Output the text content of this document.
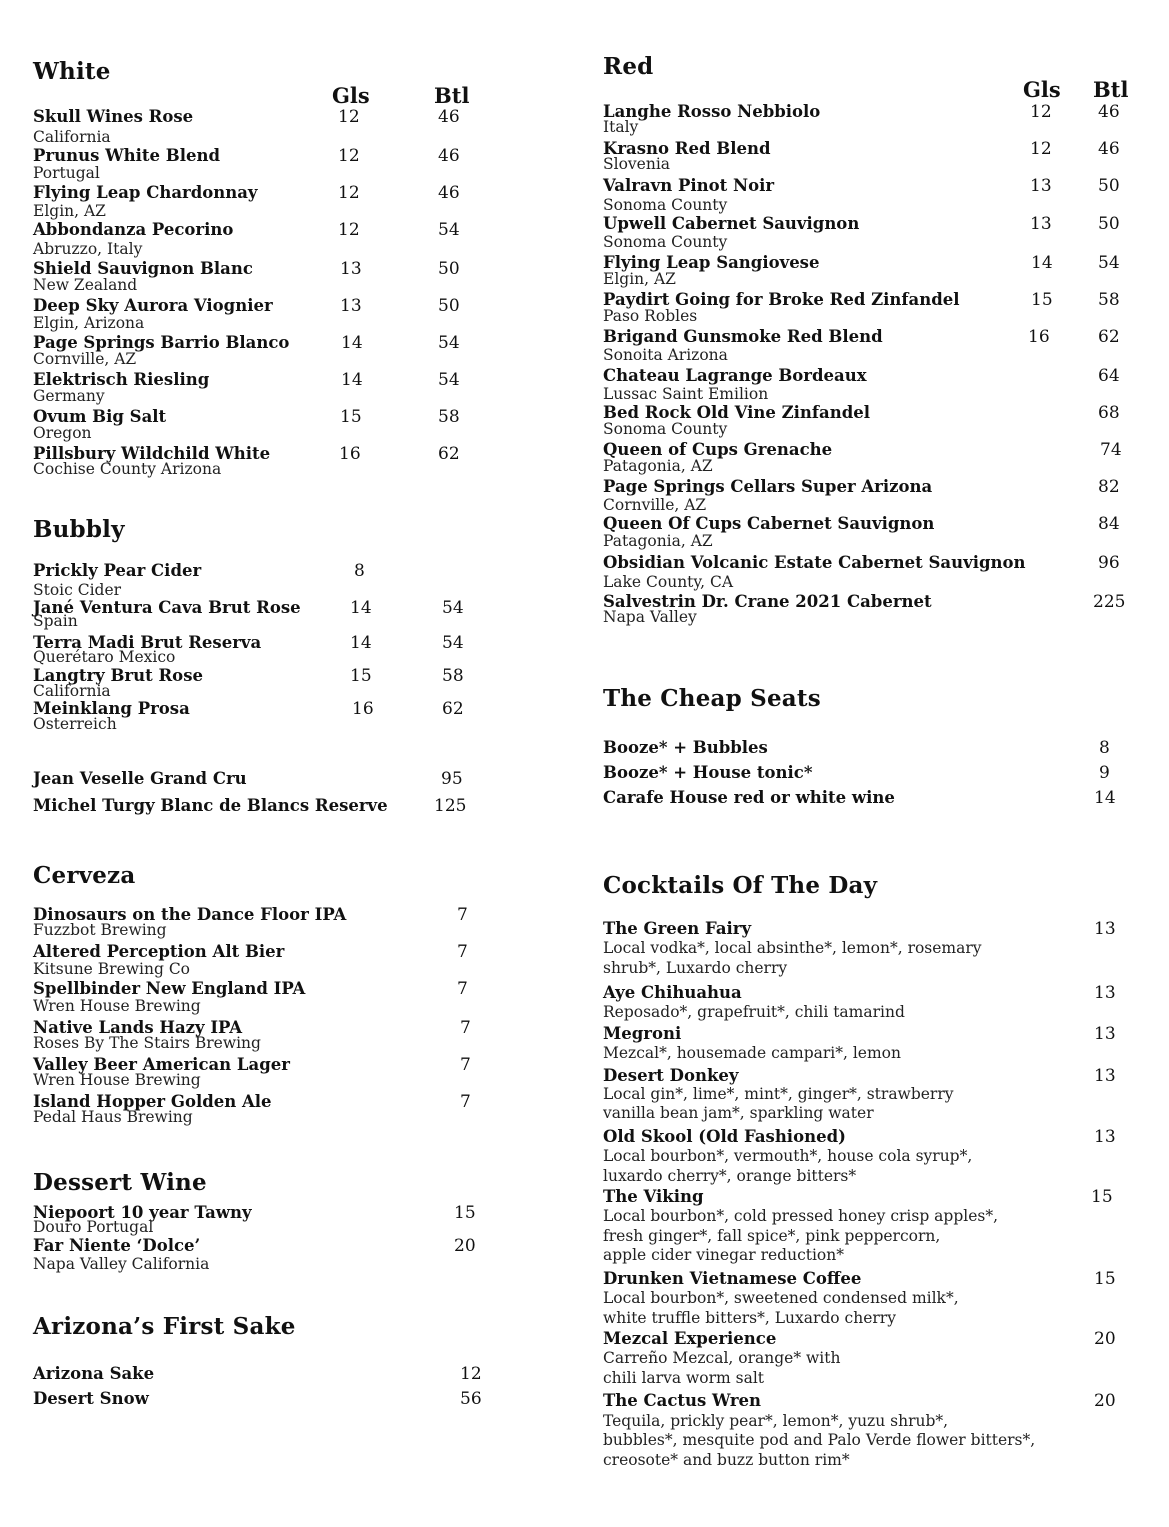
White
Gls	Btl
Skull Wines Rose
California
12	46
Prunus White Blend
Portugal
12	46
Flying Leap Chardonnay
Elgin, AZ
12	46
Abbondanza Pecorino
Abruzzo, Italy
12	54
Shield Sauvignon Blanc
New Zealand
13	50
Deep Sky Aurora Viognier
Elgin, Arizona
13	50
Page Springs Barrio Blanco
Cornville, AZ
14	54
Elektrisch Riesling
Germany
14	54
Ovum Big Salt
Oregon
15	58
Pillsbury Wildchild White
Cochise County Arizona
16	62
Bubbly
Prickly Pear Cider
Stoic Cider
8
Jané Ventura Cava Brut Rose
Spain
14	54
Terra Madi Brut Reserva
Querétaro Mexico
14	54
Langtry Brut Rose
California
15	58
Meinklang Prosa
Osterreich
16	62
Jean Veselle Grand Cru	95
Michel Turgy Blanc de Blancs Reserve	125
Cerveza
Dinosaurs on the Dance Floor IPA
Fuzzbot Brewing
7
Altered Perception Alt Bier
Kitsune Brewing Co
7
Spellbinder New England IPA
Wren House Brewing
7
Native Lands Hazy IPA
Roses By The Stairs Brewing
7
Valley Beer American Lager
Wren House Brewing
7
Island Hopper Golden Ale
Pedal Haus Brewing
7
Dessert Wine
Niepoort 10 year Tawny
Douro Portugal
15
Far Niente ‘Dolce’
Napa Valley California
20
Arizona’s First Sake
Arizona Sake	12
Desert Snow	56
Red
Gls Btl
Langhe Rosso Nebbiolo
Italy
12	46
Krasno Red Blend
Slovenia
12	46
Valravn Pinot Noir
Sonoma County
13	50
Upwell Cabernet Sauvignon
Sonoma County
13	50
Flying Leap Sangiovese
Elgin, AZ
14	54
Paydirt Going for Broke Red Zinfandel
Paso Robles
15	58
Brigand Gunsmoke Red Blend
Sonoita Arizona
16	62
Chateau Lagrange Bordeaux
Lussac Saint Emilion
64
Bed Rock Old Vine Zinfandel
Sonoma County
68
Queen of Cups Grenache
Patagonia, AZ
74
Page Springs Cellars Super Arizona
Cornville, AZ
82
Queen Of Cups Cabernet Sauvignon
Patagonia, AZ
84
Obsidian Volcanic Estate Cabernet Sauvignon
Lake County, CA
96
Salvestrin Dr. Crane 2021 Cabernet
Napa Valley
225
The Cheap Seats
Booze* + Bubbles	8
Booze* + House tonic*	9
Carafe House red or white wine	14
Cocktails Of The Day
The Green Fairy	13
Local vodka*, local absinthe*, lemon*, rosemary
shrub*, Luxardo cherry
Aye Chihuahua	13
Reposado*, grapefruit*, chili tamarind
Megroni	13
Mezcal*, housemade campari*, lemon
Desert Donkey	13
Local gin*, lime*, mint*, ginger*, strawberry
vanilla bean jam*, sparkling water
Old Skool (Old Fashioned)	13
Local bourbon*, vermouth*, house cola syrup*,
luxardo cherry*, orange bitters*
The Viking	15
Local bourbon*, cold pressed honey crisp apples*,
fresh ginger*, fall spice*, pink peppercorn,
apple cider vinegar reduction*
Drunken Vietnamese Coffee	15
Local bourbon*, sweetened condensed milk*,
white truffle bitters*, Luxardo cherry
Mezcal Experience	20
Carreño Mezcal, orange* with
chili larva worm salt
The Cactus Wren	20
Tequila, prickly pear*, lemon*, yuzu shrub*,
bubbles*, mesquite pod and Palo Verde flower bitters*,
creosote* and buzz button rim*
